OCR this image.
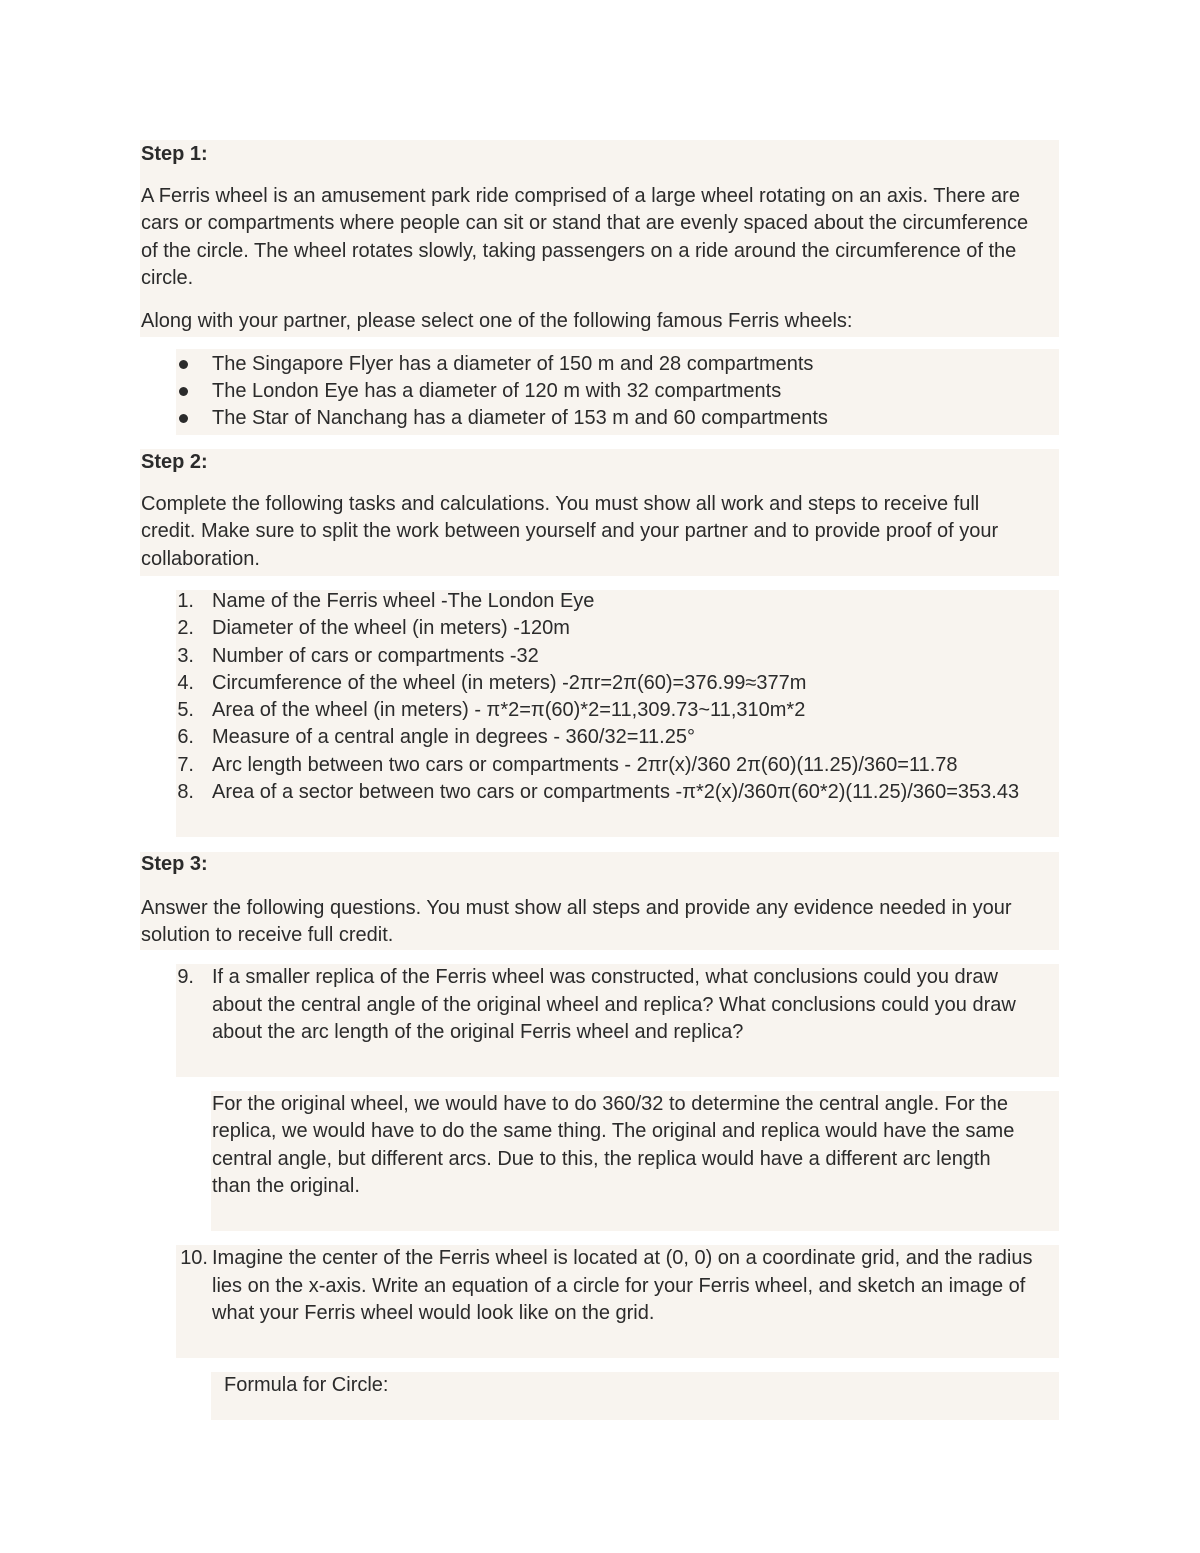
Step 1:
A Ferris wheel is an amusement park ride comprised of a large wheel rotating on an axis. There are
cars or compartments where people can sit or stand that are evenly spaced about the circumference
of the circle. The wheel rotates slowly, taking passengers on a ride around the circumference of the
circle.
Along with your partner, please select one of the following famous Ferris wheels:
The Singapore Flyer has a diameter of 150 m and 28 compartments
The London Eye has a diameter of 120 m with 32 compartments
The Star of Nanchang has a diameter of 153 m and 60 compartments
Step 2:
Complete the following tasks and calculations. You must show all work and steps to receive full
credit. Make sure to split the work between yourself and your partner and to provide proof of your
collaboration.
1. Name of the Ferris wheel -The London Eye
2. Diameter of the wheel (in meters) -120m
3. Number of cars or compartments -32
4. Circumference of the wheel (in meters) -2πr=2π(60)=376.99≈377m
5. Area of the wheel (in meters) - π*2=π(60)*2=11,309.73~11,310m*2
6. Measure of a central angle in degrees - 360/32=11.25°
7. Arc length between two cars or compartments - 2πr(x)/360 2π(60)(11.25)/360=11.78
8. Area of a sector between two cars or compartments -π*2(x)/360π(60*2)(11.25)/360=353.43
Step 3:
Answer the following questions. You must show all steps and provide any evidence needed in your
solution to receive full credit.
9. If a smaller replica of the Ferris wheel was constructed, what conclusions could you draw
about the central angle of the original wheel and replica? What conclusions could you draw
about the arc length of the original Ferris wheel and replica?
For the original wheel, we would have to do 360/32 to determine the central angle. For the
replica, we would have to do the same thing. The original and replica would have the same
central angle, but different arcs. Due to this, the replica would have a different arc length
than the original.
10. Imagine the center of the Ferris wheel is located at (0, 0) on a coordinate grid, and the radius
lies on the x-axis. Write an equation of a circle for your Ferris wheel, and sketch an image of
what your Ferris wheel would look like on the grid.
Formula for Circle:
